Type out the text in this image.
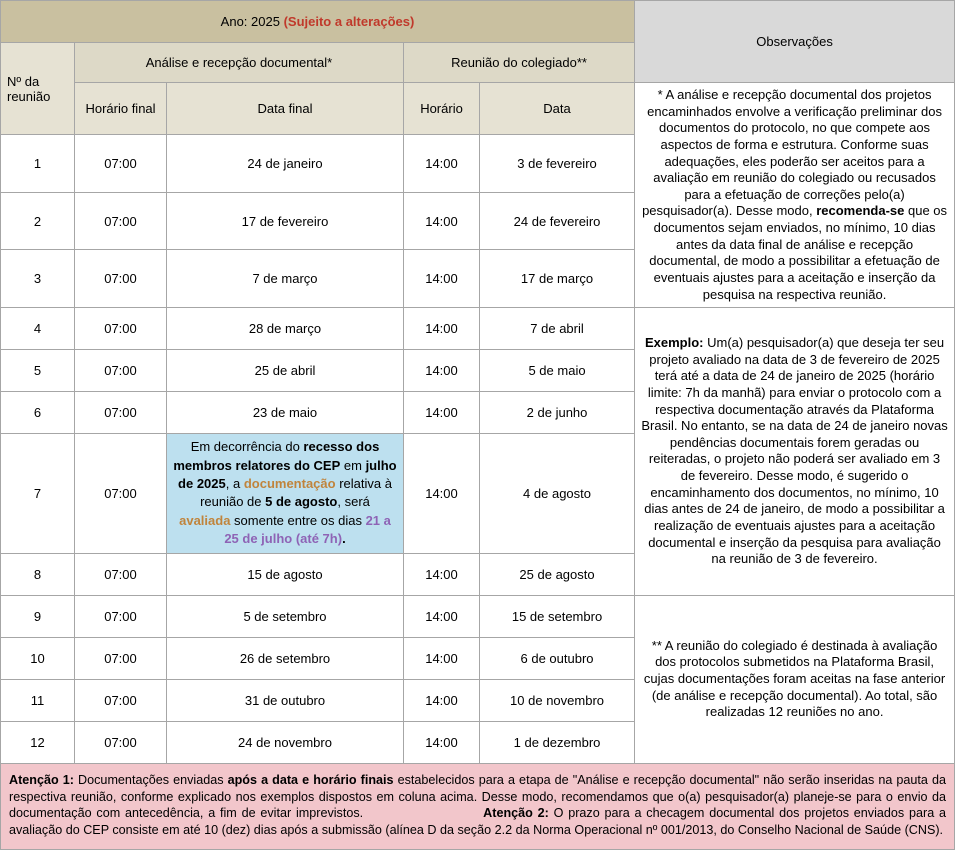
Ano: 2025 (Sujeito a alterações)					Observações
Nº da reunião	Análise e recepção documental*		Reunião do colegiado**		
	Horário final	Data final	Horário	Data	* A análise e recepção documental dos projetos encaminhados envolve a verificação preliminar dos documentos do protocolo, no que compete aos aspectos de forma e estrutura. Conforme suas adequações, eles poderão ser aceitos para a avaliação em reunião do colegiado ou recusados para a efetuação de correções pelo(a) pesquisador(a). Desse modo, recomenda-se que os documentos sejam enviados, no mínimo, 10 dias antes da data final de análise e recepção documental, de modo a possibilitar a efetuação de eventuais ajustes para a aceitação e inserção da pesquisa na respectiva reunião.
1	07:00	24 de janeiro	14:00	3 de fevereiro	
2	07:00	17 de fevereiro	14:00	24 de fevereiro	
3	07:00	7 de março	14:00	17 de março	
4	07:00	28 de março	14:00	7 de abril	Exemplo: Um(a) pesquisador(a) que deseja ter seu projeto avaliado na data de 3 de fevereiro de 2025 terá até a data de 24 de janeiro de 2025 (horário limite: 7h da manhã) para enviar o protocolo com a respectiva documentação através da Plataforma Brasil. No entanto, se na data de 24 de janeiro novas pendências documentais forem geradas ou reiteradas, o projeto não poderá ser avaliado em 3 de fevereiro. Desse modo, é sugerido o encaminhamento dos documentos, no mínimo, 10 dias antes de 24 de janeiro, de modo a possibilitar a realização de eventuais ajustes para a aceitação documental e inserção da pesquisa para avaliação na reunião de 3 de fevereiro.
5	07:00	25 de abril	14:00	5 de maio	
6	07:00	23 de maio	14:00	2 de junho	
7	07:00	Em decorrência do recesso dos membros relatores do CEP em julho de 2025, a documentação relativa à reunião de 5 de agosto, será avaliada somente entre os dias 21 a 25 de julho (até 7h).	14:00	4 de agosto	
8	07:00	15 de agosto	14:00	25 de agosto	
9	07:00	5 de setembro	14:00	15 de setembro	** A reunião do colegiado é destinada à avaliação dos protocolos submetidos na Plataforma Brasil, cujas documentações foram aceitas na fase anterior (de análise e recepção documental). Ao total, são realizadas 12 reuniões no ano.
10	07:00	26 de setembro	14:00	6 de outubro	
11	07:00	31 de outubro	14:00	10 de novembro	
12	07:00	24 de novembro	14:00	1 de dezembro	
Atenção 1: Documentações enviadas após a data e horário finais estabelecidos para a etapa de "Análise e recepção documental" não serão inseridas na pauta da respectiva reunião, conforme explicado nos exemplos dispostos em coluna acima. Desse modo, recomendamos que o(a) pesquisador(a) planeje-se para o envio da documentação com antecedência, a fim de evitar imprevistos.	Atenção 2: O prazo para a checagem documental dos projetos enviados para a avaliação do CEP consiste em até 10 (dez) dias após a submissão (alínea D da seção 2.2 da Norma Operacional nº 001/2013, do Conselho Nacional de Saúde (CNS).
